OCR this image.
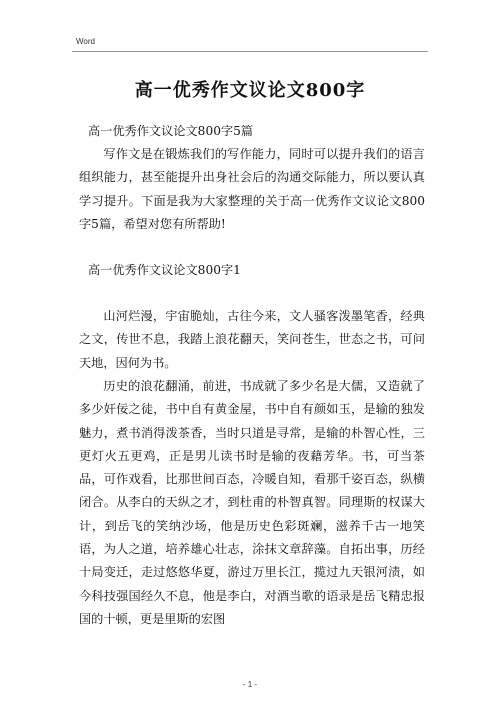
Word
高一优秀作文议论文800字

高一优秀作文议论文800字5篇

写作文是在锻炼我们的写作能力，同时可以提升我们的语言组织能力，甚至能提升出身社会后的沟通交际能力，所以要认真学习提升。下面是我为大家整理的关于高一优秀作文议论文800字5篇，希望对您有所帮助!

高一优秀作文议论文800字1

山河烂漫，宇宙脆灿，古往今来，文人骚客泼墨笔香，经典之文，传世不息，我踏上浪花翻天，笑问苍生，世态之书，可问天地，因何为书。

历史的浪花翻涌，前进，书成就了多少名是大儒，又造就了多少奸佞之徒，书中自有黄金屋，书中自有颜如玉，是输的独发魅力，煮书消得泼茶香，当时只道是寻常，是输的朴智心性，三更灯火五更鸡，正是男儿读书时是输的夜藉芳华。书，可当茶品，可作戏看，比那世间百态，冷暖自知，看那千姿百态，纵横闭合。从李白的天纵之才，到杜甫的朴智真智。同理斯的权谋大计，到岳飞的笑纳沙场，他是历史色彩斑斓，滋养千古一地笑语，为人之道，培养雄心壮志，涂抹文章辞藻。自拓出事，历经十局变迁，走过悠悠华夏，游过万里长江，揽过九天银河渍，如今科技强国经久不息，他是李白，对酒当歌的语录是岳飞精忠报国的十顿，更是里斯的宏图

- 1 -
